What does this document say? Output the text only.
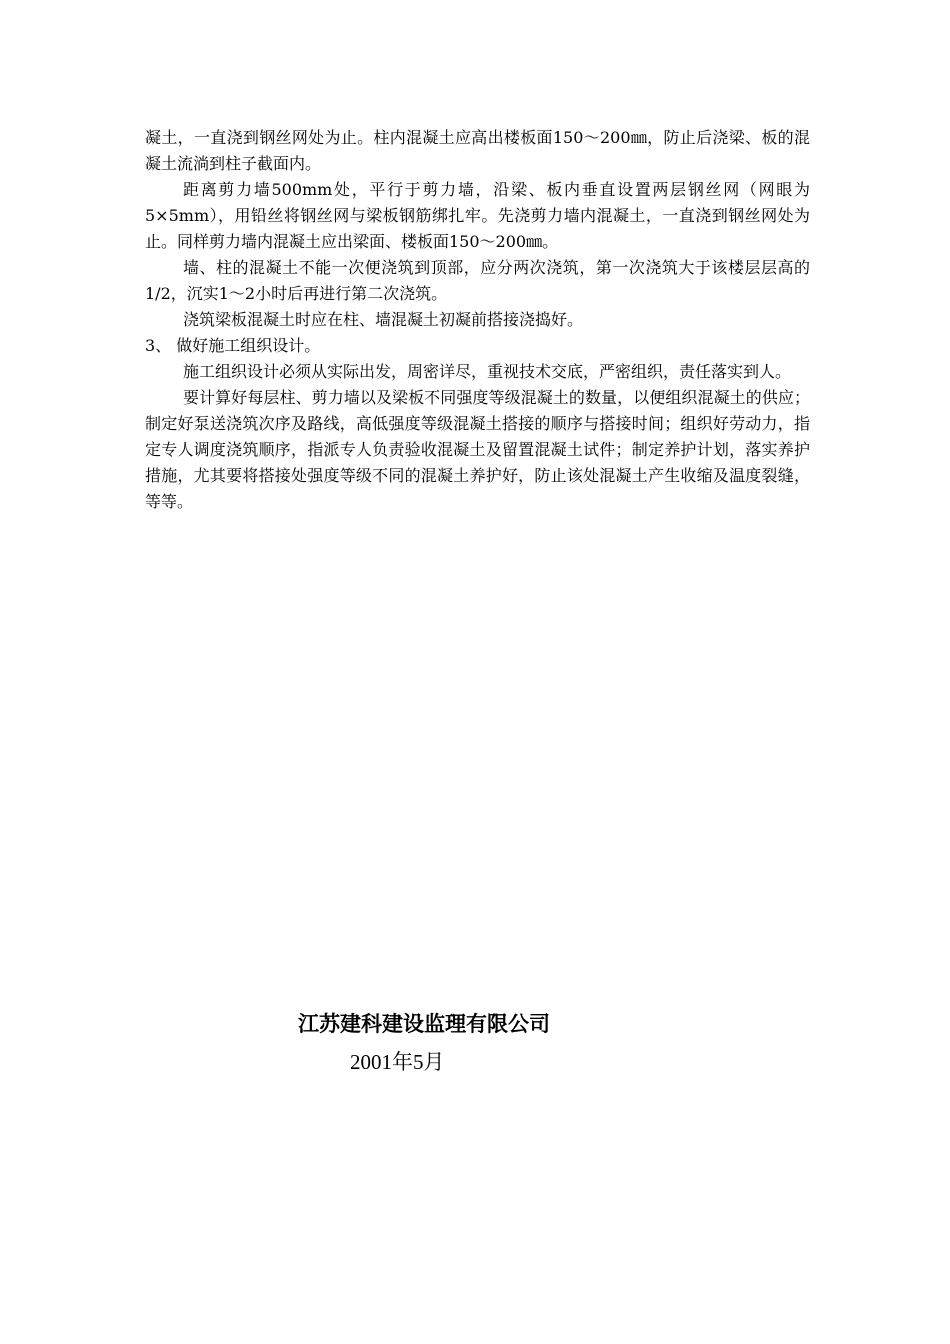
凝土，一直浇到钢丝网处为止。柱内混凝土应高出楼板面150～200㎜，防止后浇梁、板的混凝土流淌到柱子截面内。

距离剪力墙500mm处，平行于剪力墙，沿梁、板内垂直设置两层钢丝网（网眼为5×5mm），用铅丝将钢丝网与梁板钢筋绑扎牢。先浇剪力墙内混凝土，一直浇到钢丝网处为止。同样剪力墙内混凝土应出梁面、楼板面150～200㎜。

墙、柱的混凝土不能一次便浇筑到顶部，应分两次浇筑，第一次浇筑大于该楼层层高的1/2，沉实1～2小时后再进行第二次浇筑。

浇筑梁板混凝土时应在柱、墙混凝土初凝前搭接浇捣好。

3、 做好施工组织设计。

施工组织设计必须从实际出发，周密详尽，重视技术交底，严密组织，责任落实到人。

要计算好每层柱、剪力墙以及梁板不同强度等级混凝土的数量，以便组织混凝土的供应；制定好泵送浇筑次序及路线，高低强度等级混凝土搭接的顺序与搭接时间；组织好劳动力，指定专人调度浇筑顺序，指派专人负责验收混凝土及留置混凝土试件；制定养护计划，落实养护措施，尤其要将搭接处强度等级不同的混凝土养护好，防止该处混凝土产生收缩及温度裂缝，等等。

江苏建科建设监理有限公司
2001年5月
